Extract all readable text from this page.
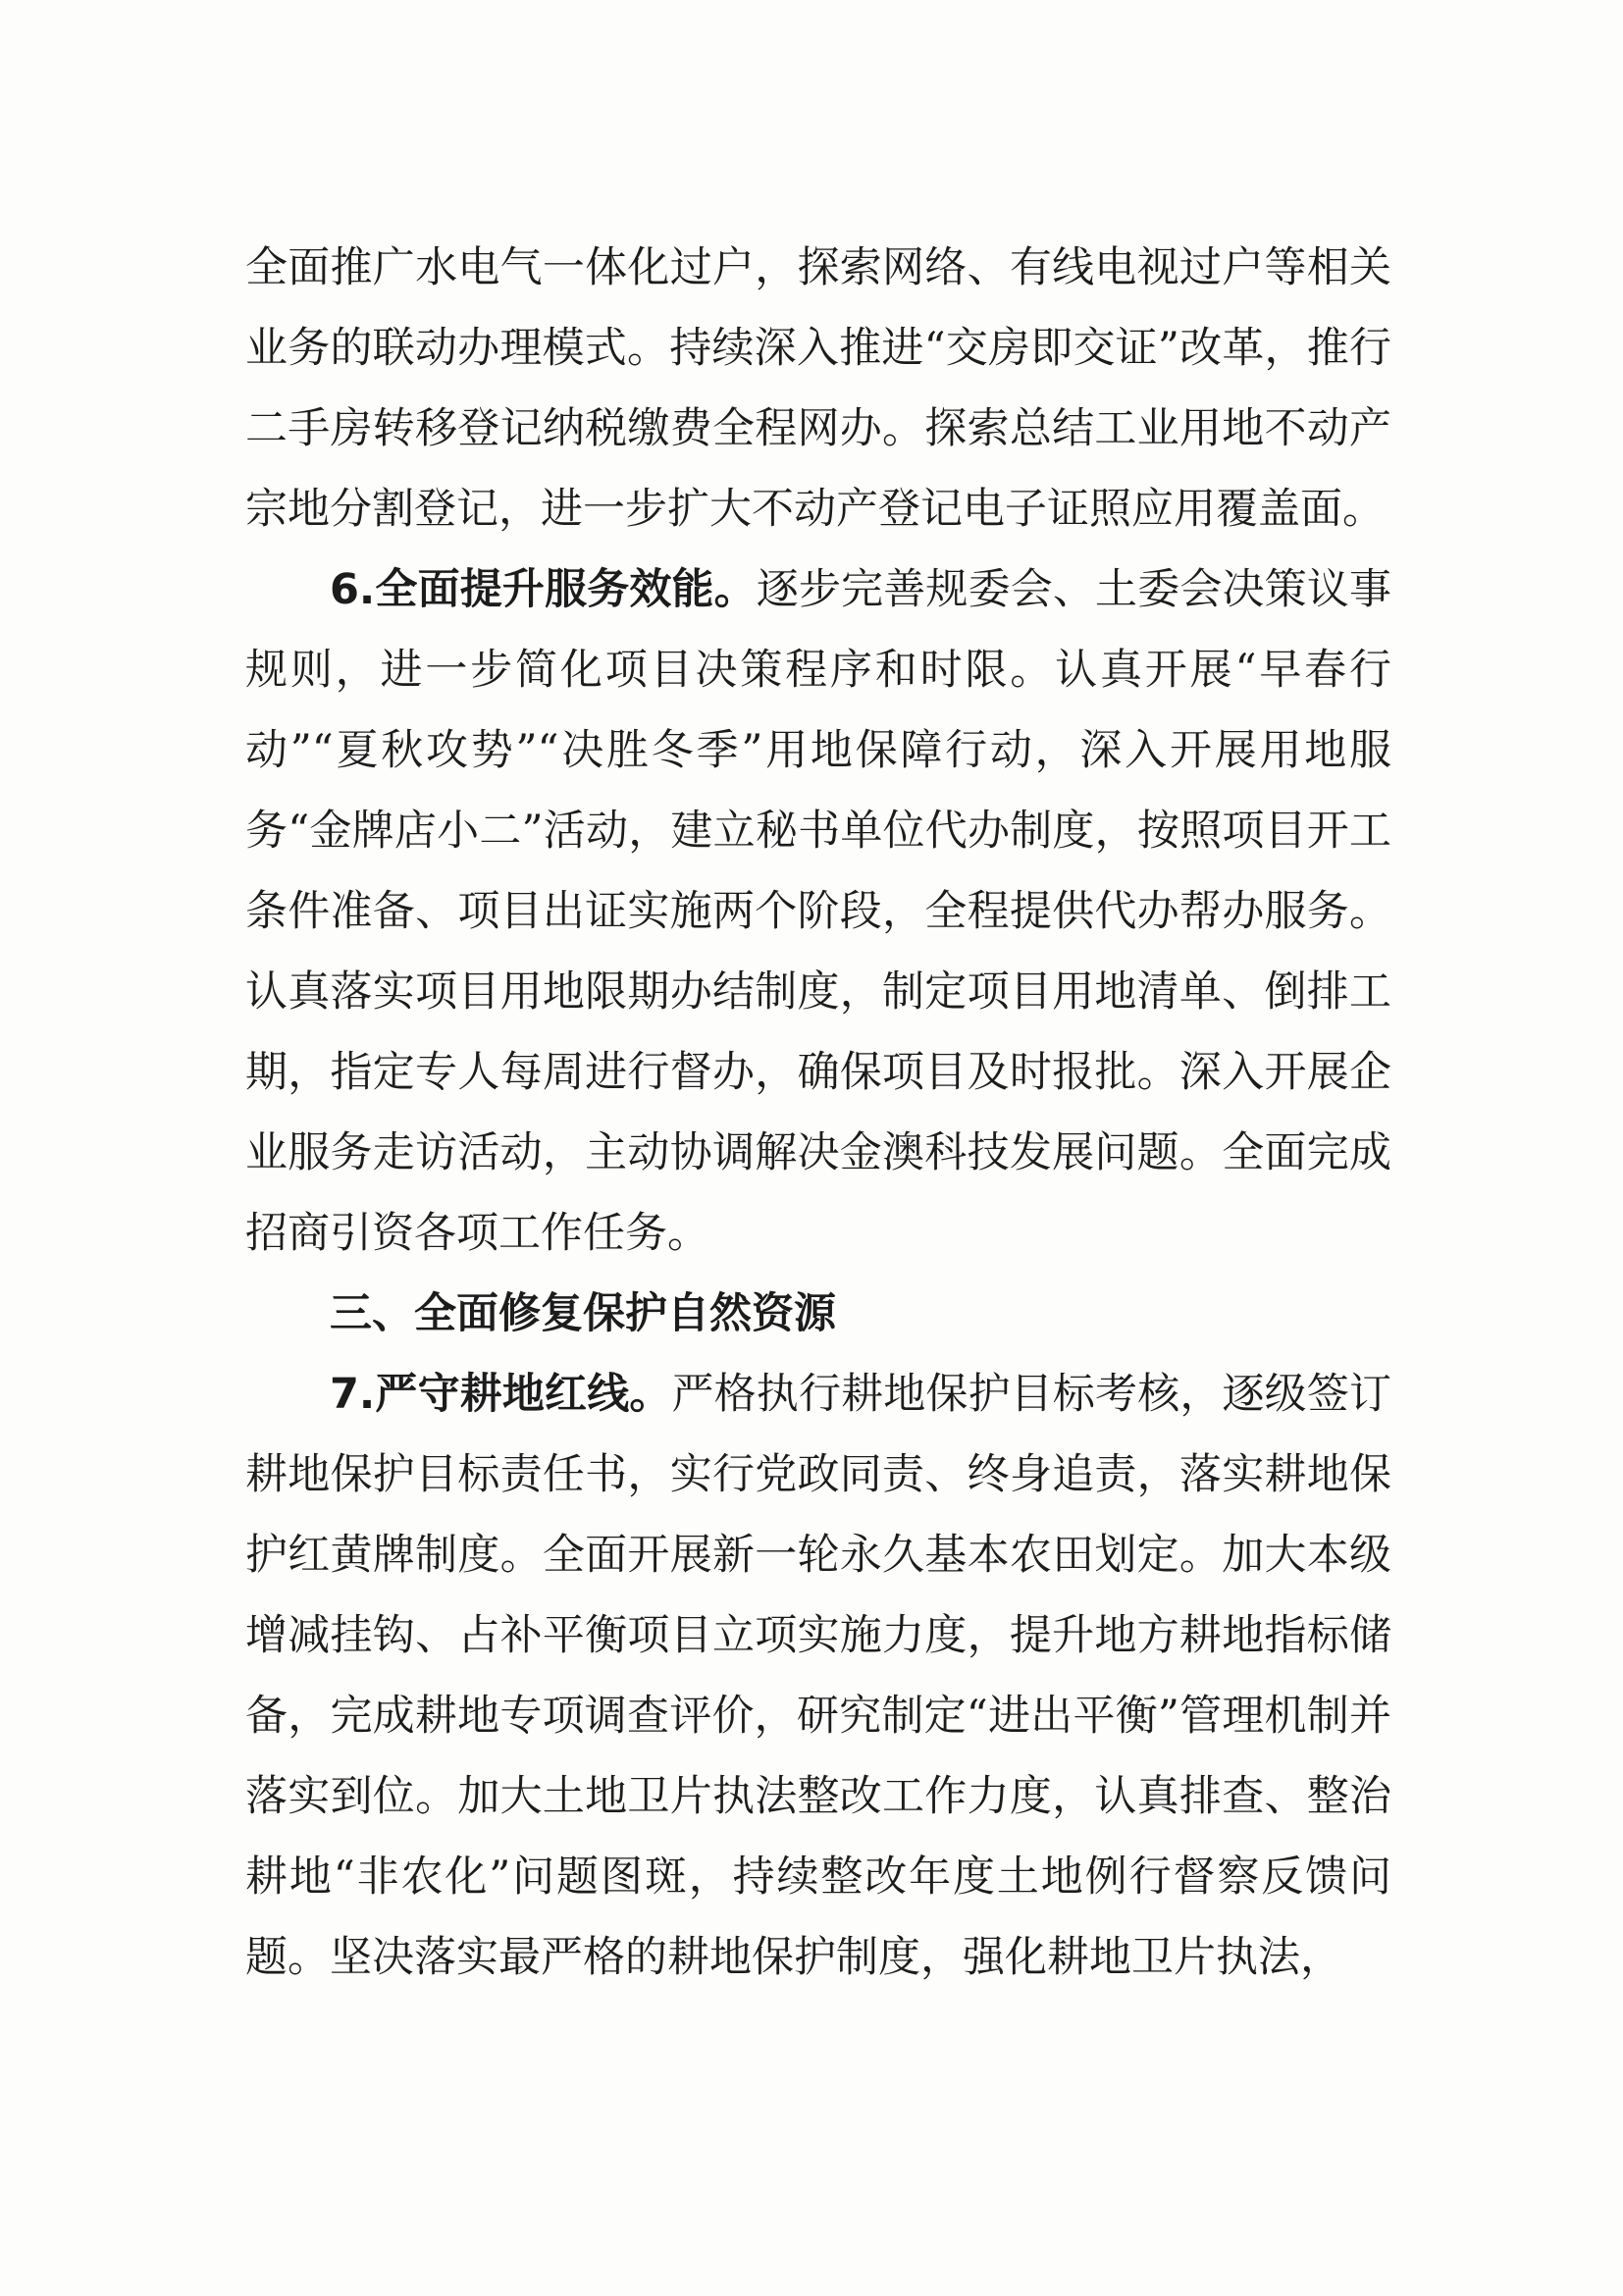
全面推广水电气一体化过户，探索网络、有线电视过户等相关业务的联动办理模式。持续深入推进“交房即交证”改革，推行二手房转移登记纳税缴费全程网办。探索总结工业用地不动产宗地分割登记，进一步扩大不动产登记电子证照应用覆盖面。

6.全面提升服务效能。逐步完善规委会、土委会决策议事规则，进一步简化项目决策程序和时限。认真开展“早春行动”“夏秋攻势”“决胜冬季”用地保障行动，深入开展用地服务“金牌店小二”活动，建立秘书单位代办制度，按照项目开工条件准备、项目出证实施两个阶段，全程提供代办帮办服务。认真落实项目用地限期办结制度，制定项目用地清单、倒排工期，指定专人每周进行督办，确保项目及时报批。深入开展企业服务走访活动，主动协调解决金澳科技发展问题。全面完成招商引资各项工作任务。

三、全面修复保护自然资源

7.严守耕地红线。严格执行耕地保护目标考核，逐级签订耕地保护目标责任书，实行党政同责、终身追责，落实耕地保护红黄牌制度。全面开展新一轮永久基本农田划定。加大本级增减挂钩、占补平衡项目立项实施力度，提升地方耕地指标储备，完成耕地专项调查评价，研究制定“进出平衡”管理机制并落实到位。加大土地卫片执法整改工作力度，认真排查、整治耕地“非农化”问题图斑，持续整改年度土地例行督察反馈问题。坚决落实最严格的耕地保护制度，强化耕地卫片执法，
